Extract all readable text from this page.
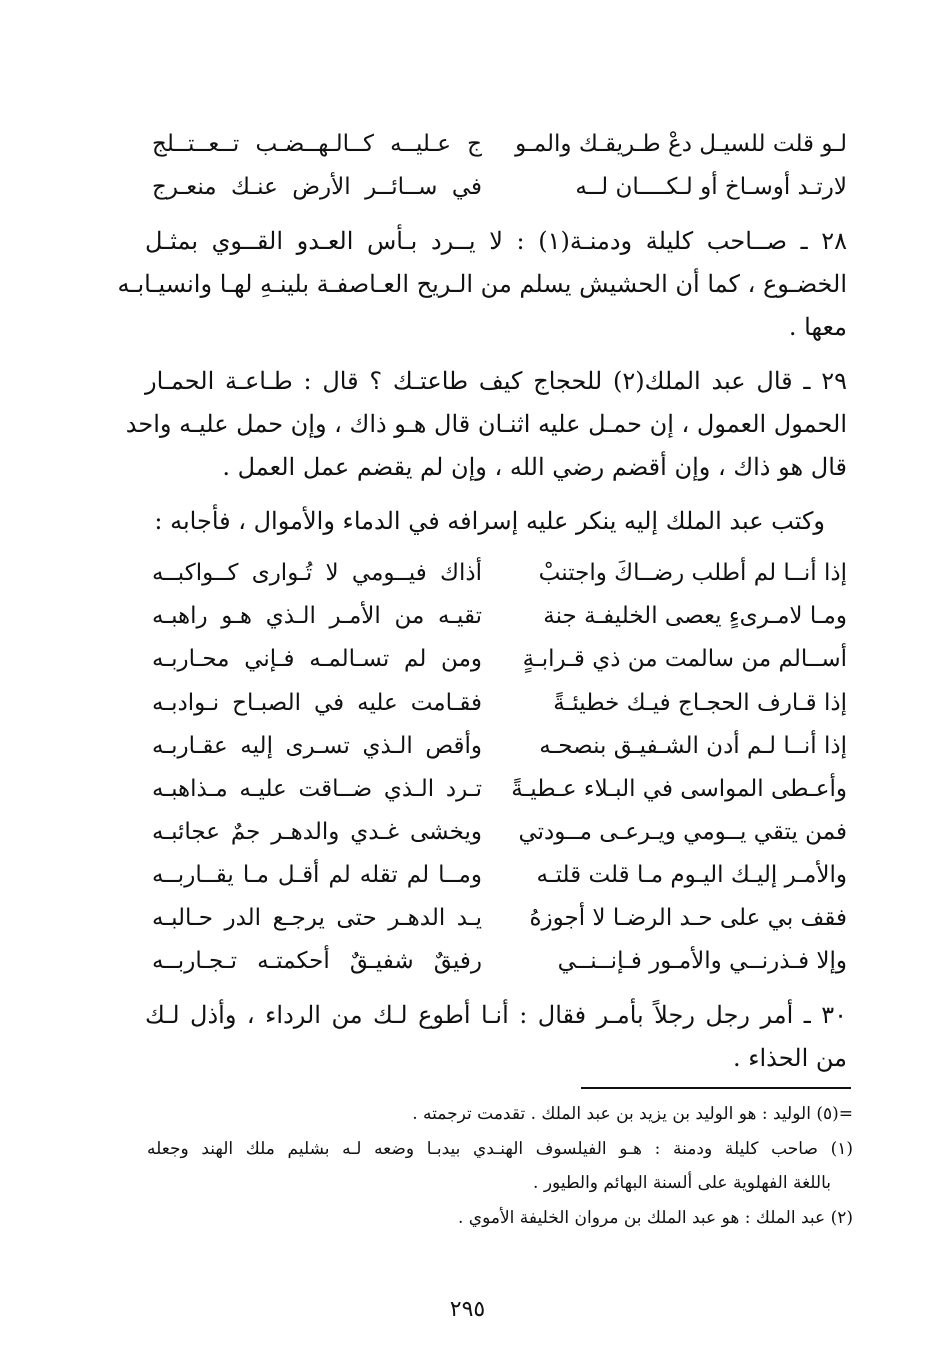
لـو قلت للسيـل دعْ طـريقـك والمـو
ج عـليــه كــالـهــضـب تــعــتــلج
لارتـد أوسـاخ أو لـكــــان لــه
في ســائــر الأرض عنـك منعـرج
٢٨ ـ صــاحب كليلة ودمنـة(١) : لا يــرد بـأس العـدو القــوي بمثـل
الخضـوع ، كما أن الحشيش يسلم من الـريح العـاصفـة بلينـهِ لهـا وانسيـابـه
معها .
٢٩ ـ قال عبد الملك(٢) للحجاج كيف طاعتـك ؟ قال : طـاعـة الحمـار
الحمول العمول ، إن حمـل عليه اثنـان قال هـو ذاك ، وإن حمل عليـه واحد
قال هو ذاك ، وإن أقضم رضي الله ، وإن لم يقضم عمل العمل .
وكتب عبد الملك إليه ينكر عليه إسرافه في الدماء والأموال ، فأجابه :
إذا أنــا لم أطلب رضــاكَ واجتنبْ
أذاك فيــومي لا تُـوارى كــواكبــه
ومـا لامـرىءٍ يعصى الخليفـة جنة
تقيـه من الأمـر الـذي هـو راهبـه
أســالم من سالمت من ذي قـرابـةٍ
ومن لم تسـالمـه فـإني محـاربـه
إذا قـارف الحجـاج فيـك خطيئـةً
فقـامت عليه في الصبـاح نـوادبـه
إذا أنــا لـم أدن الشـفيـق بنصحـه
وأقص الـذي تسـرى إليه عقـاربـه
وأعـطى المواسى في البـلاء عـطيـةً
تـرد الـذي ضــاقت عليـه مـذاهبـه
فمن يتقي يــومي ويـرعـى مــودتي
ويخشى غـدي والدهـر جمٌ عجائبـه
والأمـر إليـك اليـوم مـا قلت قلتـه
ومــا لم تقله لم أقـل مـا يقــاربــه
فقف بي على حـد الرضـا لا أجوزهُ
يـد الدهـر حتى يرجـع الدر حـالبـه
وإلا فـذرنــي والأمـور فـإنــنــي
رفيقٌ شفيـقٌ أحكمتـه تـجـاربــه
٣٠ ـ أمر رجل رجلاً بأمـر فقال : أنـا أطوع لـك من الرداء ، وأذل لـك
من الحذاء .
=(٥) الوليد : هو الوليد بن يزيد بن عبد الملك . تقدمت ترجمته .
(١) صاحب كليلة ودمنة : هـو الفيلسوف الهنـدي بيدبـا وضعه لـه بشليم ملك الهند وجعله
باللغة الفهلوية على ألسنة البهائم والطيور .
(٢) عبد الملك : هو عبد الملك بن مروان الخليفة الأموي .
٢٩٥
